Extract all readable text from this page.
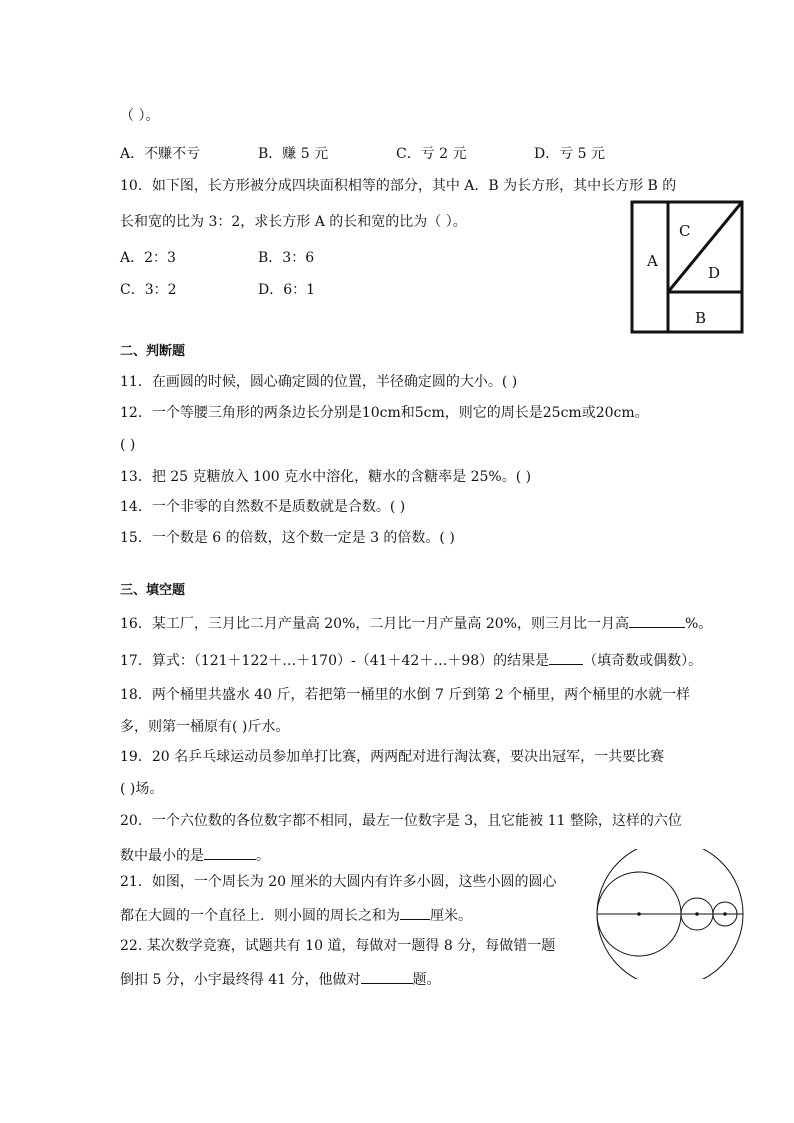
（ ）。
A．不赚不亏	B．赚 5 元	C．亏 2 元	D．亏 5 元
10．如下图，长方形被分成四块面积相等的部分，其中 A．B 为长方形，其中长方形 B 的
长和宽的比为 3：2，求长方形 A 的长和宽的比为（ ）。
A．2：3	B．3：6
C．3：2	D．6：1
A
C
D
B
二、判断题
11．在画圆的时候，圆心确定圆的位置，半径确定圆的大小。( )
12．一个等腰三角形的两条边长分别是10cm和5cm，则它的周长是25cm或20cm。
( )
13．把 25 克糖放入 100 克水中溶化，糖水的含糖率是 25%。( )
14．一个非零的自然数不是质数就是合数。( )
15．一个数是 6 的倍数，这个数一定是 3 的倍数。( )
三、填空题
16．某工厂，三月比二月产量高 20%，二月比一月产量高 20%，则三月比一月高	%。
17．算式：（121＋122＋…＋170）-（41＋42＋…＋98）的结果是 （填奇数或偶数）。
18．两个桶里共盛水 40 斤，若把第一桶里的水倒 7 斤到第 2 个桶里，两个桶里的水就一样
多，则第一桶原有( )斤水。
19．20 名乒乓球运动员参加单打比赛，两两配对进行淘汰赛，要决出冠军，一共要比赛
( )场。
20．一个六位数的各位数字都不相同，最左一位数字是 3，且它能被 11 整除，这样的六位
数中最小的是	。
21．如图，一个周长为 20 厘米的大圆内有许多小圆，这些小圆的圆心
都在大圆的一个直径上．则小圆的周长之和为 厘米。
22. 某次数学竞赛，试题共有 10 道，每做对一题得 8 分，每做错一题
倒扣 5 分，小宇最终得 41 分，他做对	题。
